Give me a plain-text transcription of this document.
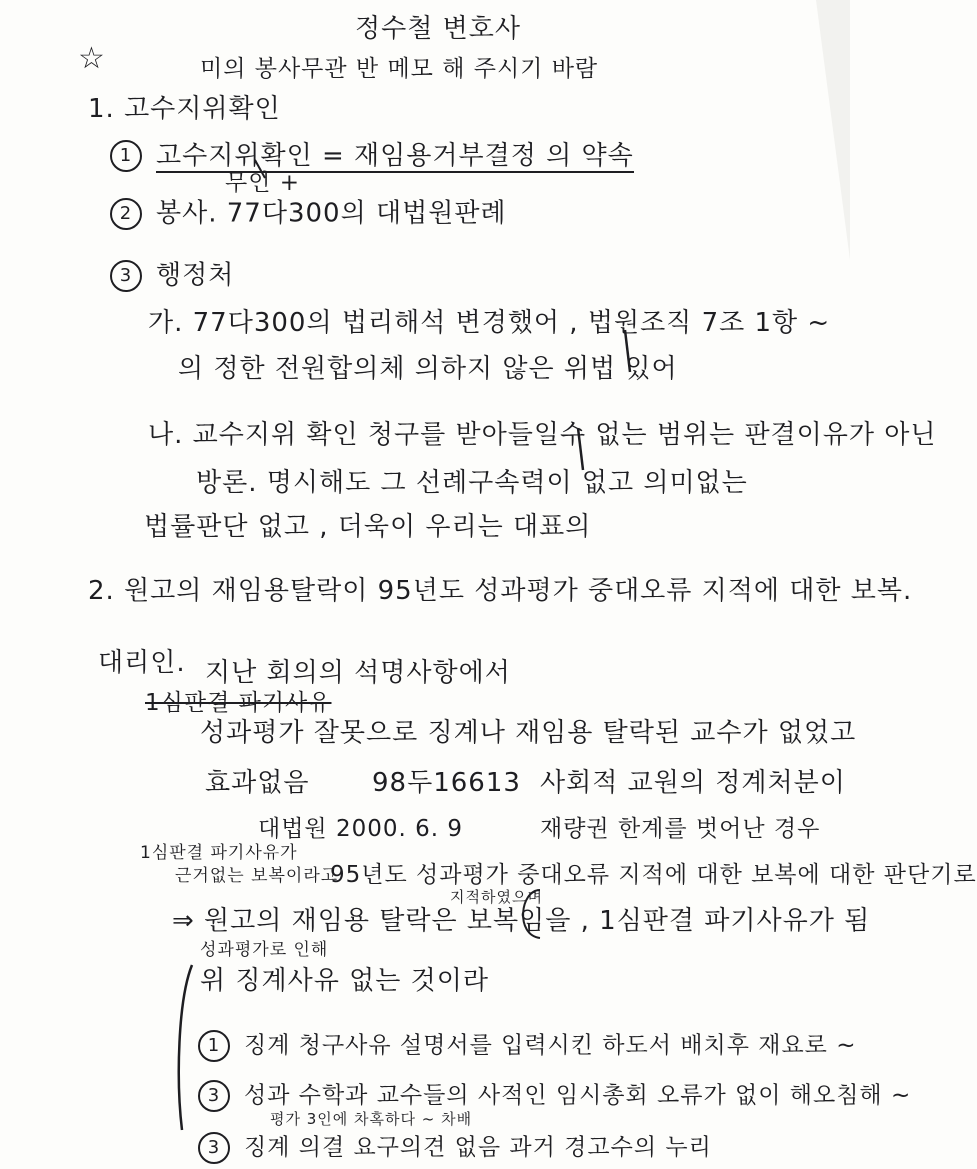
정수철 변호사
☆	미의 봉사무관 반 메모 해 주시기 바람
1. 고수지위확인
1 고수지위확인 = 재임용거부결정 의 약속
무인 +
2 봉사. 77다300의 대법원판례
3 행정처
가. 77다300의 법리해석 변경했어 , 법원조직 7조 1항 ~
의 정한 전원합의체 의하지 않은 위법 있어
나. 교수지위 확인 청구를 받아들일수 없는 범위는 판결이유가 아닌
방론. 명시해도 그 선례구속력이 없고 의미없는
법률판단 없고 , 더욱이 우리는 대표의
2. 원고의 재임용탈락이 95년도 성과평가 중대오류 지적에 대한 보복.
대리인. 지난 회의의 석명사항에서
1심판결 파기사유
성과평가 잘못으로 징계나 재임용 탈락된 교수가 없었고
효과없음 98두16613 사회적 교원의 정계처분이
대법원 2000. 6. 9	재량권 한계를 벗어난 경우
1심판결 파기사유가
근거없는 보복이라고
95년도 성과평가 중대오류 지적에 대한 보복에 대한 판단기로
지적하였으며
⇒ 원고의 재임용 탈락은 보복임을 , 1심판결 파기사유가 됨
성과평가로 인해
위 징계사유 없는 것이라
1 징계 청구사유 설명서를 입력시킨 하도서 배치후 재요로 ~
3 성과 수학과 교수들의 사적인 임시총회 오류가 없이 해오침해 ~
평가 3인에 차혹하다 ~ 차배
3 징계 의결 요구의견 없음 과거 경고수의 누리
